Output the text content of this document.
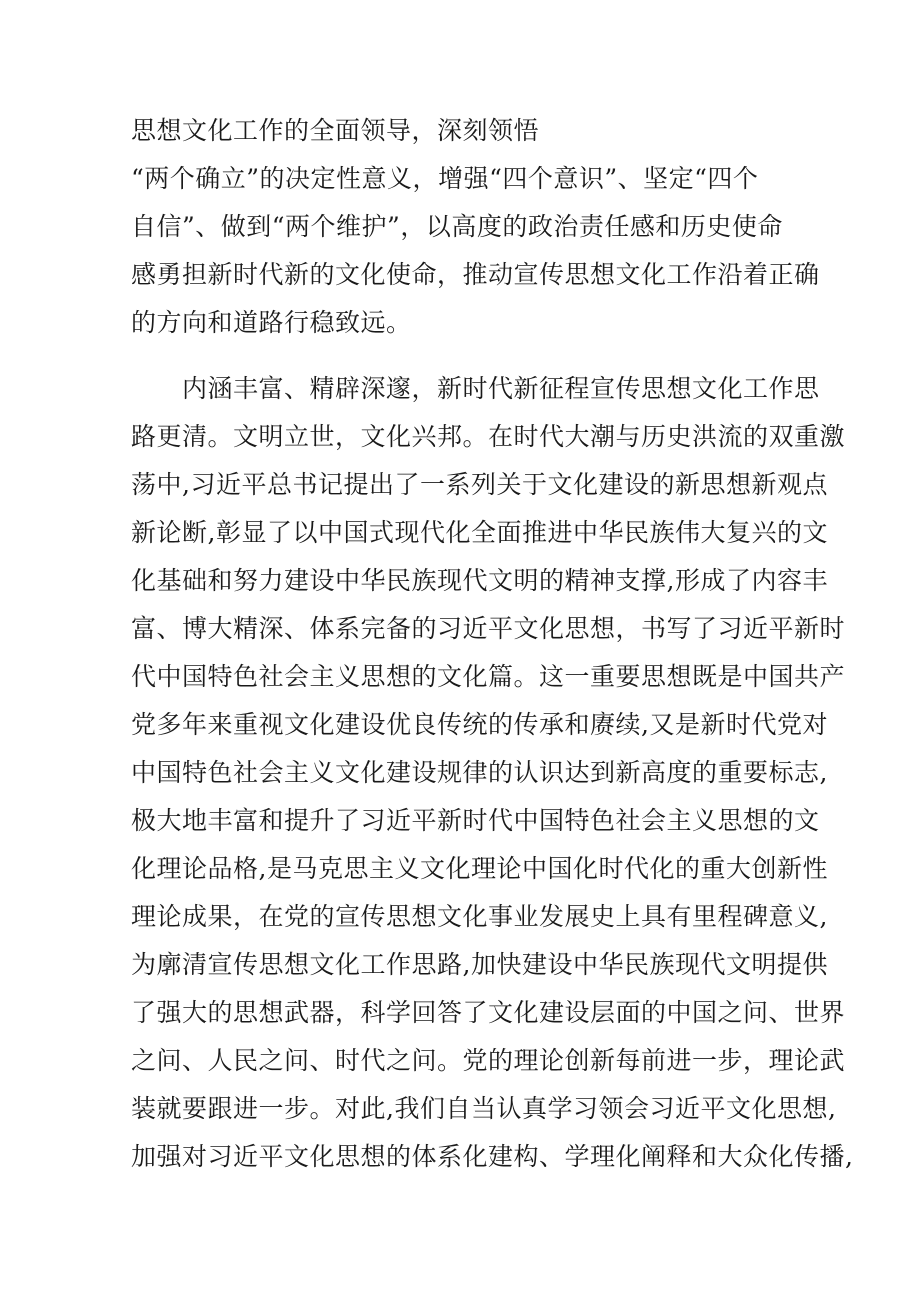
思想文化工作的全面领导，深刻领悟
“两个确立”的决定性意义，增强“四个意识”、坚定“四个
自信”、做到“两个维护”，以高度的政治责任感和历史使命
感勇担新时代新的文化使命，推动宣传思想文化工作沿着正确
的方向和道路行稳致远。
内涵丰富、精辟深邃，新时代新征程宣传思想文化工作思
路更清。文明立世，文化兴邦。在时代大潮与历史洪流的双重激
荡中,习近平总书记提出了一系列关于文化建设的新思想新观点
新论断,彰显了以中国式现代化全面推进中华民族伟大复兴的文
化基础和努力建设中华民族现代文明的精神支撑,形成了内容丰
富、博大精深、体系完备的习近平文化思想，书写了习近平新时
代中国特色社会主义思想的文化篇。这一重要思想既是中国共产
党多年来重视文化建设优良传统的传承和赓续,又是新时代党对
中国特色社会主义文化建设规律的认识达到新高度的重要标志,
极大地丰富和提升了习近平新时代中国特色社会主义思想的文
化理论品格,是马克思主义文化理论中国化时代化的重大创新性
理论成果，在党的宣传思想文化事业发展史上具有里程碑意义,
为廓清宣传思想文化工作思路,加快建设中华民族现代文明提供
了强大的思想武器，科学回答了文化建设层面的中国之问、世界
之问、人民之问、时代之问。党的理论创新每前进一步，理论武
装就要跟进一步。对此,我们自当认真学习领会习近平文化思想,
加强对习近平文化思想的体系化建构、学理化阐释和大众化传播,
